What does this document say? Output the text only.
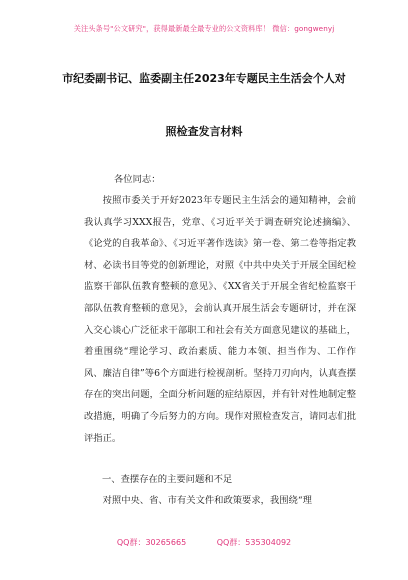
关注头条号"公文研究"，获得最新最全最专业的公文资料库！ 微信：gongwenyj
市纪委副书记、监委副主任2023年专题民主生活会个人对
照检查发言材料
各位同志：
按照市委关于开好2023年专题民主生活会的通知精神，会前我认真学习XXX报告，党章、《习近平关于调查研究论述摘编》、《论党的自我革命》、《习近平著作选读》第一卷、第二卷等指定教材、必读书目等党的创新理论，对照《中共中央关于开展全国纪检监察干部队伍教育整顿的意见》、《XX省关于开展全省纪检监察干部队伍教育整顿的意见》，会前认真开展生活会专题研讨，并在深入交心谈心广泛征求干部职工和社会有关方面意见建议的基础上，着重围绕“理论学习、政治素质、能力本领、担当作为、工作作风、廉洁自律”等6个方面进行检视剖析。坚持刀刃向内，认真查摆存在的突出问题，全面分析问题的症结原因，并有针对性地制定整改措施，明确了今后努力的方向。现作对照检查发言，请同志们批评指正。
一、查摆存在的主要问题和不足
对照中央、省、市有关文件和政策要求，我围绕“理
QQ群：30265665	QQ群：535304092
